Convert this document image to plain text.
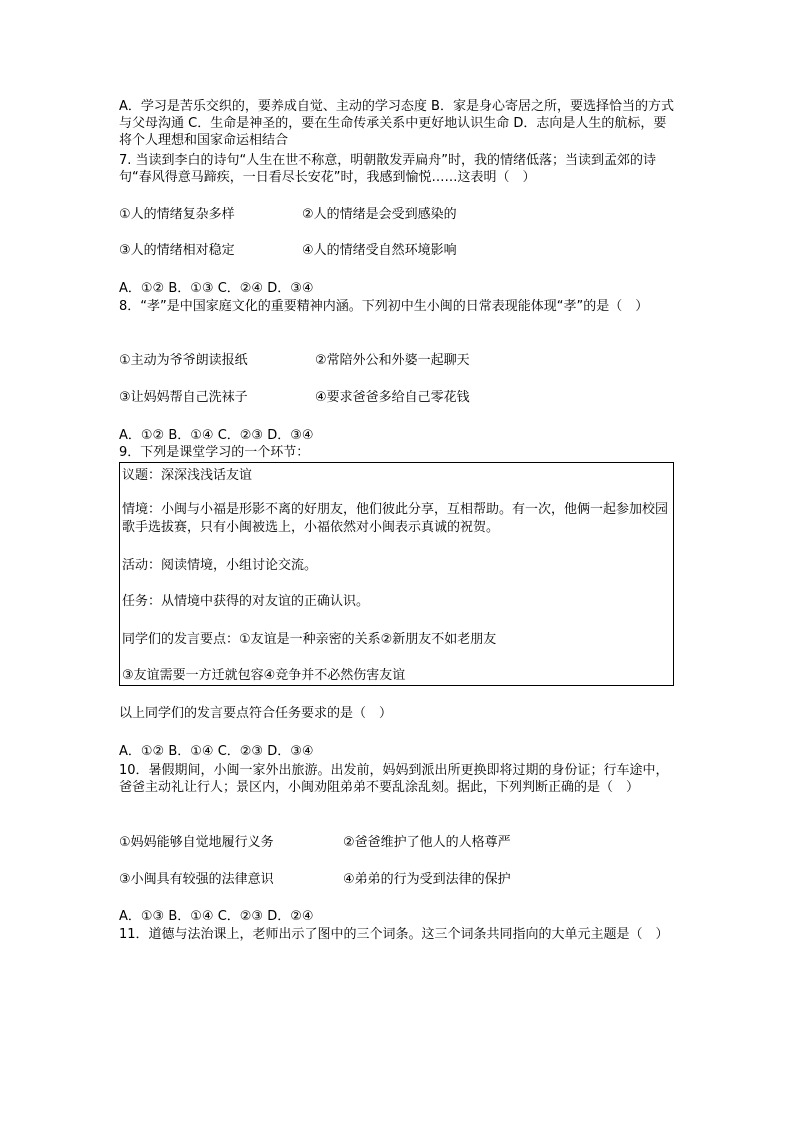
A．学习是苦乐交织的，要养成自觉、主动的学习态度 B．家是身心寄居之所，要选择恰当的方式与父母沟通 C．生命是神圣的，要在生命传承关系中更好地认识生命 D．志向是人生的航标，要将个人理想和国家命运相结合
7. 当读到李白的诗句“人生在世不称意，明朝散发弄扁舟”时，我的情绪低落；当读到孟郊的诗句“春风得意马蹄疾，一日看尽长安花”时，我感到愉悦……这表明（　）
①人的情绪复杂多样	②人的情绪是会受到感染的
③人的情绪相对稳定	④人的情绪受自然环境影响
A．①② B．①③ C．②④ D．③④
8．“孝”是中国家庭文化的重要精神内涵。下列初中生小闽的日常表现能体现“孝”的是（　）
①主动为爷爷朗读报纸	②常陪外公和外婆一起聊天
③让妈妈帮自己洗袜子	④要求爸爸多给自己零花钱
A．①② B．①④ C．②③ D．③④
9．下列是课堂学习的一个环节：
议题：深深浅浅话友谊
情境：小闽与小福是形影不离的好朋友，他们彼此分享，互相帮助。有一次，他俩一起参加校园歌手选拔赛，只有小闽被选上，小福依然对小闽表示真诚的祝贺。
活动：阅读情境，小组讨论交流。
任务：从情境中获得的对友谊的正确认识。
同学们的发言要点：①友谊是一种亲密的关系②新朋友不如老朋友
③友谊需要一方迁就包容④竞争并不必然伤害友谊
以上同学们的发言要点符合任务要求的是（　）
A．①② B．①④ C．②③ D．③④
10．暑假期间，小闽一家外出旅游。出发前，妈妈到派出所更换即将过期的身份证；行车途中，爸爸主动礼让行人；景区内，小闽劝阻弟弟不要乱涂乱刻。据此，下列判断正确的是（　）
①妈妈能够自觉地履行义务	②爸爸维护了他人的人格尊严
③小闽具有较强的法律意识	④弟弟的行为受到法律的保护
A．①③ B．①④ C．②③ D．②④
11．道德与法治课上，老师出示了图中的三个词条。这三个词条共同指向的大单元主题是（　）
